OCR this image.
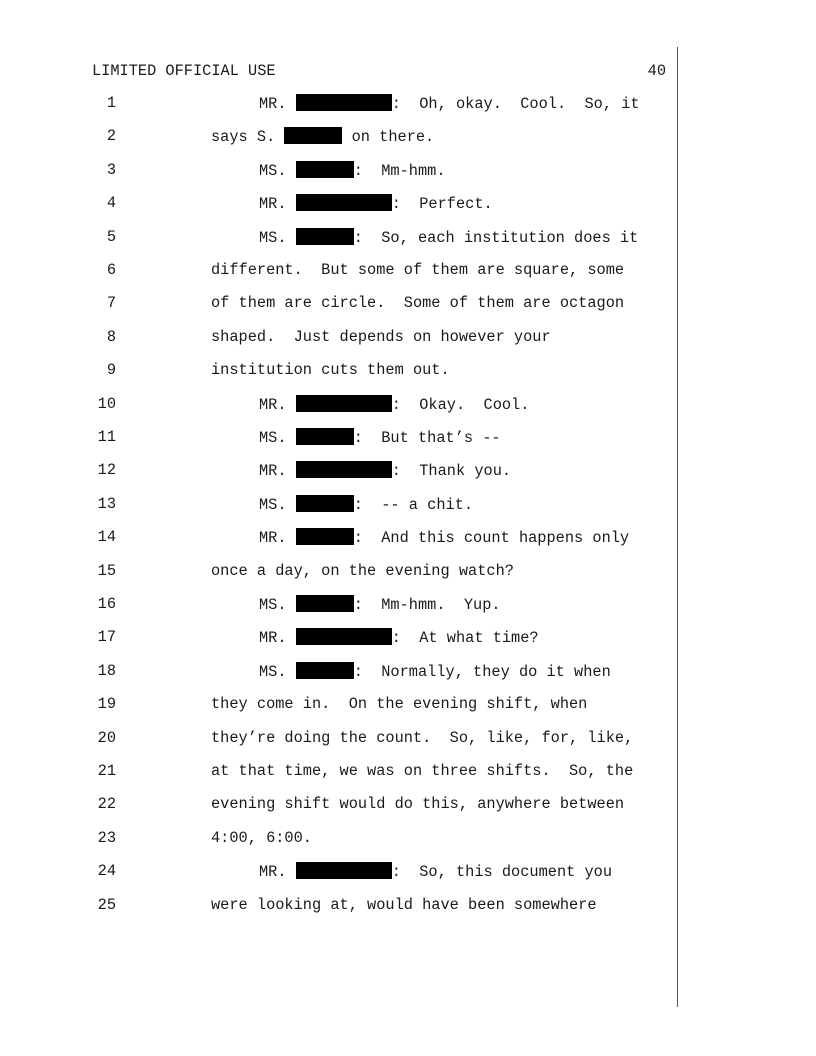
LIMITED OFFICIAL USE	40
1	MR.	:  Oh, okay.  Cool.  So, it
2	says S.	on there.
3	MS.	:  Mm-hmm.
4	MR.	:  Perfect.
5	MS.	:  So, each institution does it
6	different.  But some of them are square, some
7	of them are circle.  Some of them are octagon
8	shaped.  Just depends on however your
9	institution cuts them out.
10	MR.	:  Okay.  Cool.
11	MS.	:  But that’s --
12	MR.	:  Thank you.
13	MS.	:  -- a chit.
14	MR.	:  And this count happens only
15	once a day, on the evening watch?
16	MS.	:  Mm-hmm.  Yup.
17	MR.	:  At what time?
18	MS.	:  Normally, they do it when
19	they come in.  On the evening shift, when
20	they’re doing the count.  So, like, for, like,
21	at that time, we was on three shifts.  So, the
22	evening shift would do this, anywhere between
23	4:00, 6:00.
24	MR.	:  So, this document you
25	were looking at, would have been somewhere
